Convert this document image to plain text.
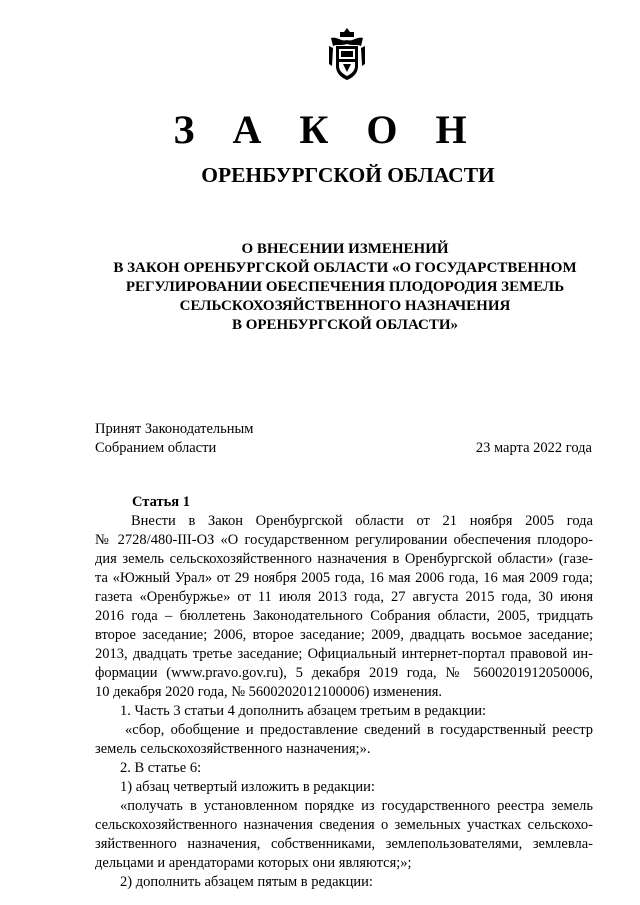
З А К О Н
ОРЕНБУРГСКОЙ ОБЛАСТИ
О ВНЕСЕНИИ ИЗМЕНЕНИЙ
В ЗАКОН ОРЕНБУРГСКОЙ ОБЛАСТИ «О ГОСУДАРСТВЕННОМ
РЕГУЛИРОВАНИИ ОБЕСПЕЧЕНИЯ ПЛОДОРОДИЯ ЗЕМЕЛЬ
СЕЛЬСКОХОЗЯЙСТВЕННОГО НАЗНАЧЕНИЯ
В ОРЕНБУРГСКОЙ ОБЛАСТИ»
Принят Законодательным
Собранием области	23 марта 2022 года
Статья 1
Внести в Закон Оренбургской области от 21 ноября 2005 года
№ 2728/480-III-ОЗ «О государственном регулировании обеспечения плодоро-
дия земель сельскохозяйственного назначения в Оренбургской области» (газе-
та «Южный Урал» от 29 ноября 2005 года, 16 мая 2006 года, 16 мая 2009 года;
газета «Оренбуржье» от 11 июля 2013 года, 27 августа 2015 года, 30 июня
2016 года – бюллетень Законодательного Собрания области, 2005, тридцать
второе заседание; 2006, второе заседание; 2009, двадцать восьмое заседание;
2013, двадцать третье заседание; Официальный интернет-портал правовой ин-
формации (www.pravo.gov.ru), 5 декабря 2019 года, № 5600201912050006,
10 декабря 2020 года, № 5600202012100006) изменения.
1. Часть 3 статьи 4 дополнить абзацем третьим в редакции:
«сбор, обобщение и предоставление сведений в государственный реестр
земель сельскохозяйственного назначения;».
2. В статье 6:
1) абзац четвертый изложить в редакции:
«получать в установленном порядке из государственного реестра земель
сельскохозяйственного назначения сведения о земельных участках сельскохо-
зяйственного назначения, собственниками, землепользователями, землевла-
дельцами и арендаторами которых они являются;»;
2) дополнить абзацем пятым в редакции:
